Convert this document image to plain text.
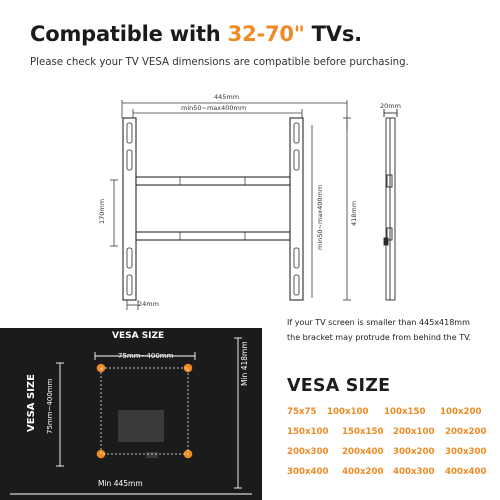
Compatible with 32-70" TVs.
Please check your TV VESA dimensions are compatible before purchasing.
445mm
min50~max400mm	20mm
min50~max400mm	418mm
170mm
24mm
VESA SIZE
75mm~400mm
VESA SIZE 75mm~400mm
Min 418mm
Min 445mm
If your TV screen is smaller than 445x418mm
the bracket may protrude from behind the TV.
VESA SIZE
75x75 100x100 100x150 100x200
150x100 150x150 200x100 200x200
200x300 200x400 300x200 300x300
300x400 400x200 400x300 400x400
